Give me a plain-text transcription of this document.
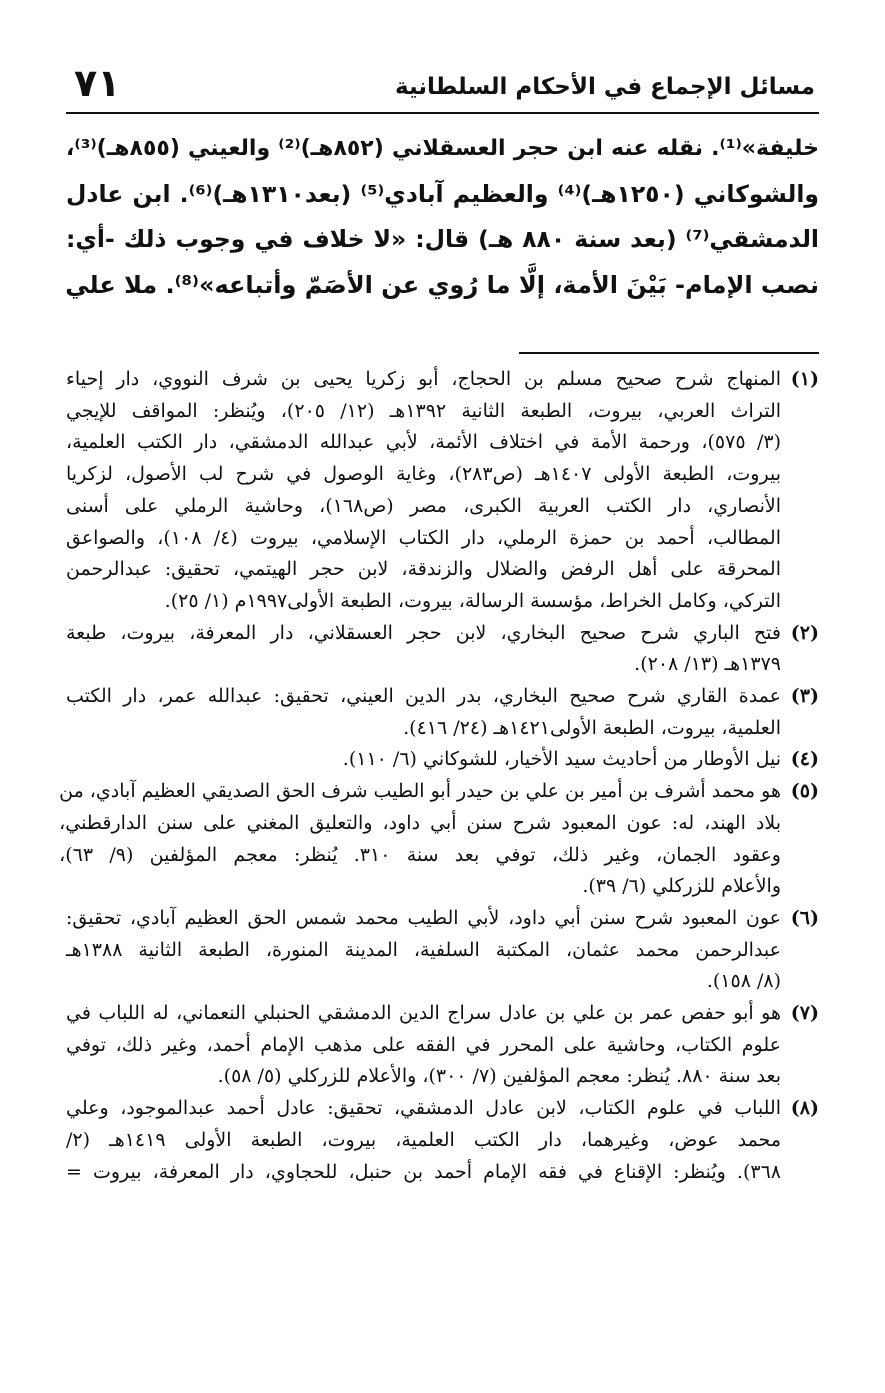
مسائل الإجماع في الأحكام السلطانية
٧١
خليفة»⁽¹⁾. نقله عنه ابن حجر العسقلاني (٨٥٢هـ)⁽²⁾ والعيني (٨٥٥هـ)⁽³⁾،
والشوكاني (١٢٥٠هـ)⁽⁴⁾ والعظيم آبادي⁽⁵⁾ (بعد١٣١٠هـ)⁽⁶⁾. ابن عادل
الدمشقي⁽⁷⁾ (بعد سنة ٨٨٠ هـ) قال: «لا خلاف في وجوب ذلك -أي:
نصب الإمام- بَيْنَ الأمة، إلَّا ما رُوي عن الأصَمّ وأتباعه»⁽⁸⁾. ملا علي
(١)
المنهاج شرح صحيح مسلم بن الحجاج، أبو زكريا يحيى بن شرف النووي، دار إحياء
التراث العربي، بيروت، الطبعة الثانية ١٣٩٢هـ (١٢/ ٢٠٥)، ويُنظر: المواقف للإيجي
(٣/ ٥٧٥)، ورحمة الأمة في اختلاف الأئمة، لأبي عبدالله الدمشقي، دار الكتب العلمية،
بيروت، الطبعة الأولى ١٤٠٧هـ (ص٢٨٣)، وغاية الوصول في شرح لب الأصول، لزكريا
الأنصاري، دار الكتب العربية الكبرى، مصر (ص١٦٨)، وحاشية الرملي على أسنى
المطالب، أحمد بن حمزة الرملي، دار الكتاب الإسلامي، بيروت (٤/ ١٠٨)، والصواعق
المحرقة على أهل الرفض والضلال والزندقة، لابن حجر الهيتمي، تحقيق: عبدالرحمن
التركي، وكامل الخراط، مؤسسة الرسالة، بيروت، الطبعة الأولى١٩٩٧م (١/ ٢٥).
(٢)
فتح الباري شرح صحيح البخاري، لابن حجر العسقلاني، دار المعرفة، بيروت، طبعة
١٣٧٩هـ (١٣/ ٢٠٨).
(٣)
عمدة القاري شرح صحيح البخاري، بدر الدين العيني، تحقيق: عبدالله عمر، دار الكتب
العلمية، بيروت، الطبعة الأولى١٤٢١هـ (٢٤/ ٤١٦).
(٤)
نيل الأوطار من أحاديث سيد الأخيار، للشوكاني (٦/ ١١٠).
(٥)
هو محمد أشرف بن أمير بن علي بن حيدر أبو الطيب شرف الحق الصديقي العظيم آبادي، من
بلاد الهند، له: عون المعبود شرح سنن أبي داود، والتعليق المغني على سنن الدارقطني،
وعقود الجمان، وغير ذلك، توفي بعد سنة ٣١٠. يُنظر: معجم المؤلفين (٩/ ٦٣)،
والأعلام للزركلي (٦/ ٣٩).
(٦)
عون المعبود شرح سنن أبي داود، لأبي الطيب محمد شمس الحق العظيم آبادي، تحقيق:
عبدالرحمن محمد عثمان، المكتبة السلفية، المدينة المنورة، الطبعة الثانية ١٣٨٨هـ
(٨/ ١٥٨).
(٧)
هو أبو حفص عمر بن علي بن عادل سراج الدين الدمشقي الحنبلي النعماني، له اللباب في
علوم الكتاب، وحاشية على المحرر في الفقه على مذهب الإمام أحمد، وغير ذلك، توفي
بعد سنة ٨٨٠. يُنظر: معجم المؤلفين (٧/ ٣٠٠)، والأعلام للزركلي (٥/ ٥٨).
(٨)
اللباب في علوم الكتاب، لابن عادل الدمشقي، تحقيق: عادل أحمد عبدالموجود، وعلي
محمد عوض، وغيرهما، دار الكتب العلمية، بيروت، الطبعة الأولى ١٤١٩هـ (٢/
٣٦٨). ويُنظر: الإقناع في فقه الإمام أحمد بن حنبل، للحجاوي، دار المعرفة، بيروت =
